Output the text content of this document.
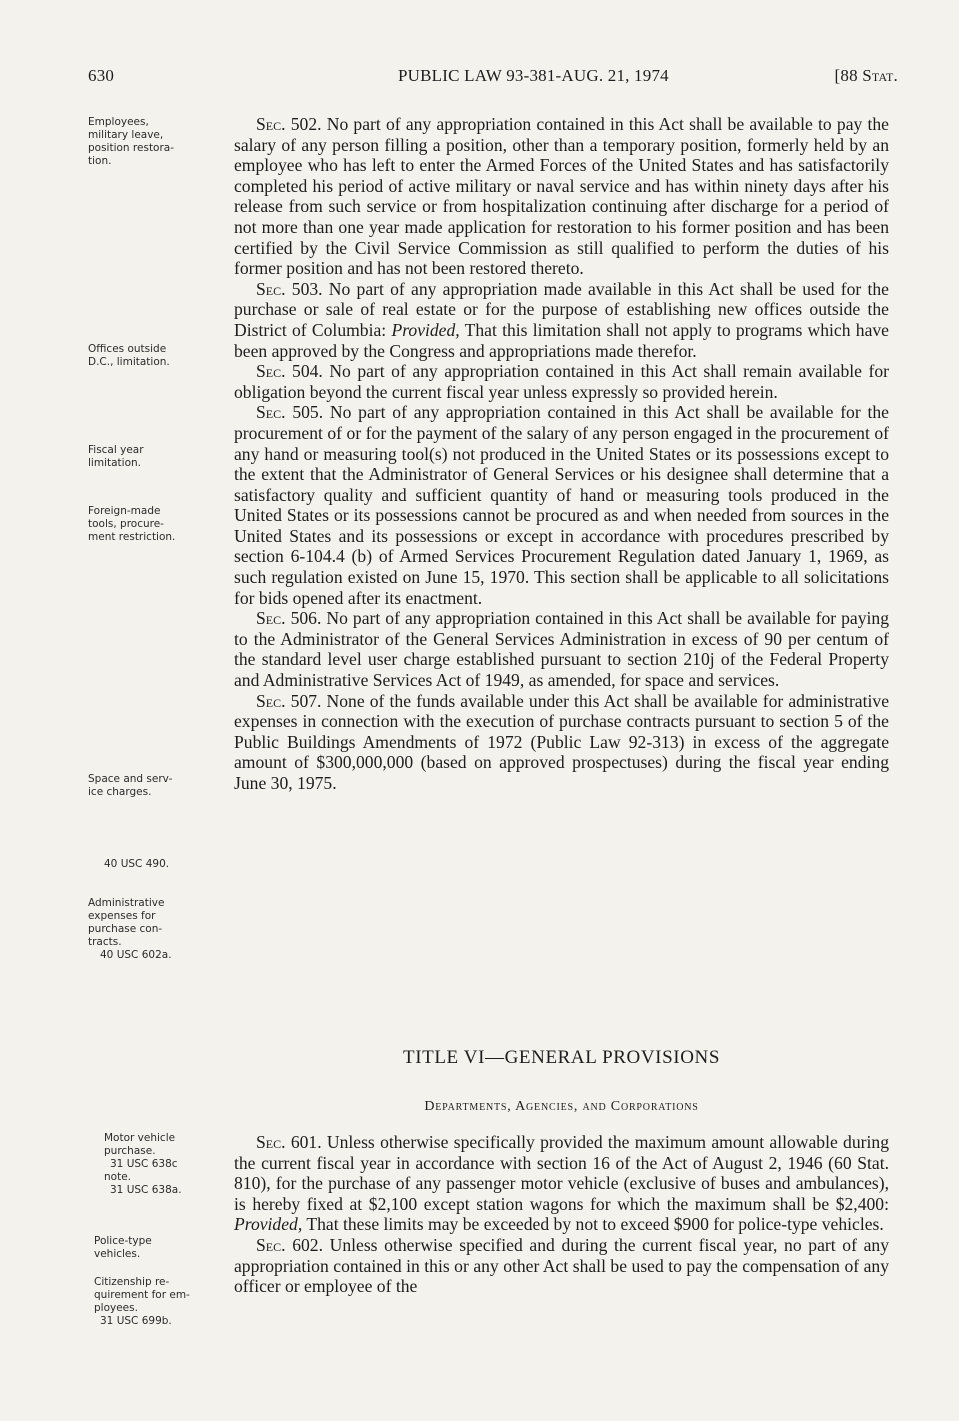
630	PUBLIC LAW 93-381-AUG. 21, 1974	[88 Stat.
Employees,
military leave,
position restora-
tion.
Offices outside
D.C., limitation.
Fiscal year
limitation.
Foreign-made
tools, procure-
ment restriction.
Space and serv-
ice charges.
40 USC 490.
Administrative
expenses for
purchase con-
tracts.
40 USC 602a.
Motor vehicle
purchase.
31 USC 638c
note.
31 USC 638a.
Police-type
vehicles.
Citizenship re-
quirement for em-
ployees.
31 USC 699b.

Sec. 502. No part of any appropriation contained in this Act shall be available to pay the salary of any person filling a position, other than a temporary position, formerly held by an employee who has left to enter the Armed Forces of the United States and has satisfactorily completed his period of active military or naval service and has within ninety days after his release from such service or from hospitalization continuing after discharge for a period of not more than one year made application for restoration to his former position and has been certified by the Civil Service Commission as still qualified to perform the duties of his former position and has not been restored thereto.

Sec. 503. No part of any appropriation made available in this Act shall be used for the purchase or sale of real estate or for the purpose of establishing new offices outside the District of Columbia: Provided, That this limitation shall not apply to programs which have been approved by the Congress and appropriations made therefor.

Sec. 504. No part of any appropriation contained in this Act shall remain available for obligation beyond the current fiscal year unless expressly so provided herein.

Sec. 505. No part of any appropriation contained in this Act shall be available for the procurement of or for the payment of the salary of any person engaged in the procurement of any hand or measuring tool(s) not produced in the United States or its possessions except to the extent that the Administrator of General Services or his designee shall determine that a satisfactory quality and sufficient quantity of hand or measuring tools produced in the United States or its possessions cannot be procured as and when needed from sources in the United States and its possessions or except in accordance with procedures prescribed by section 6-104.4 (b) of Armed Services Procurement Regulation dated January 1, 1969, as such regulation existed on June 15, 1970. This section shall be applicable to all solicitations for bids opened after its enactment.

Sec. 506. No part of any appropriation contained in this Act shall be available for paying to the Administrator of the General Services Administration in excess of 90 per centum of the standard level user charge established pursuant to section 210j of the Federal Property and Administrative Services Act of 1949, as amended, for space and services.

Sec. 507. None of the funds available under this Act shall be available for administrative expenses in connection with the execution of purchase contracts pursuant to section 5 of the Public Buildings Amendments of 1972 (Public Law 92-313) in excess of the aggregate amount of $300,000,000 (based on approved prospectuses) during the fiscal year ending June 30, 1975.

TITLE VI—GENERAL PROVISIONS
Departments, Agencies, and Corporations

Sec. 601. Unless otherwise specifically provided the maximum amount allowable during the current fiscal year in accordance with section 16 of the Act of August 2, 1946 (60 Stat. 810), for the purchase of any passenger motor vehicle (exclusive of buses and ambulances), is hereby fixed at $2,100 except station wagons for which the maximum shall be $2,400: Provided, That these limits may be exceeded by not to exceed $900 for police-type vehicles.

Sec. 602. Unless otherwise specified and during the current fiscal year, no part of any appropriation contained in this or any other Act shall be used to pay the compensation of any officer or employee of the
